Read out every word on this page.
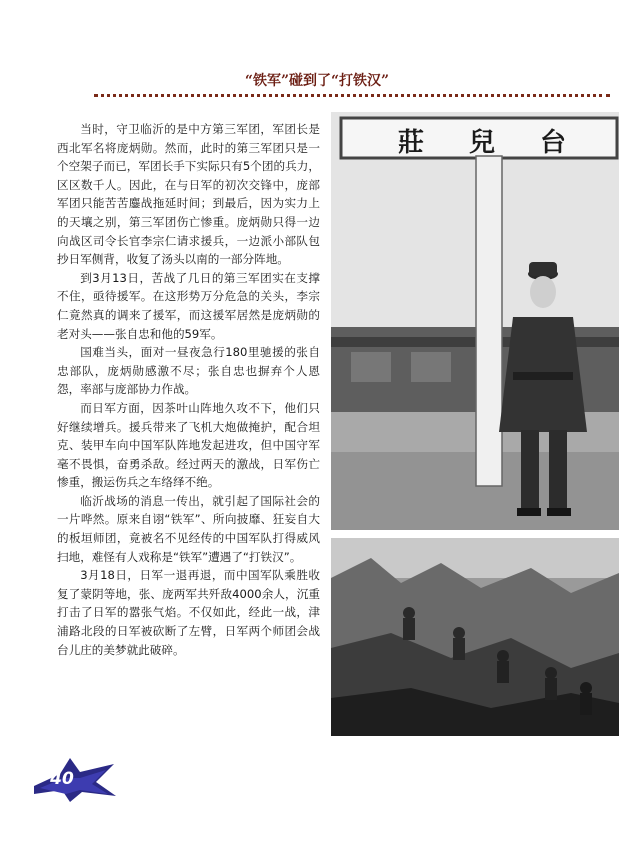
“铁军”碰到了“打铁汉”

当时，守卫临沂的是中方第三军团，军团长是西北军名将庞炳勋。然而，此时的第三军团只是一个空架子而已，军团长手下实际只有5个团的兵力，区区数千人。因此，在与日军的初次交锋中，庞部军团只能苦苦鏖战拖延时间；到最后，因为实力上的天壤之别，第三军团伤亡惨重。庞炳勋只得一边向战区司令长官李宗仁请求援兵，一边派小部队包抄日军侧背，收复了汤头以南的一部分阵地。

到3月13日，苦战了几日的第三军团实在支撑不住，亟待援军。在这形势万分危急的关头，李宗仁竟然真的调来了援军，而这援军居然是庞炳勋的老对头——张自忠和他的59军。

国难当头，面对一昼夜急行180里驰援的张自忠部队，庞炳勋感激不尽；张自忠也摒弃个人恩怨，率部与庞部协力作战。

而日军方面，因茶叶山阵地久攻不下，他们只好继续增兵。援兵带来了飞机大炮做掩护，配合坦克、装甲车向中国军队阵地发起进攻，但中国守军毫不畏惧，奋勇杀敌。经过两天的激战，日军伤亡惨重，搬运伤兵之车络绎不绝。

临沂战场的消息一传出，就引起了国际社会的一片哗然。原来自诩“铁军”、所向披靡、狂妄自大的板垣师团，竟被名不见经传的中国军队打得威风扫地，难怪有人戏称是“铁军”遭遇了“打铁汉”。

3月18日，日军一退再退，而中国军队乘胜收复了蒙阴等地，张、庞两军共歼敌4000余人，沉重打击了日军的嚣张气焰。不仅如此，经此一战，津浦路北段的日军被砍断了左臂，日军两个师团会战台儿庄的美梦就此破碎。

莊 兒 台
40
